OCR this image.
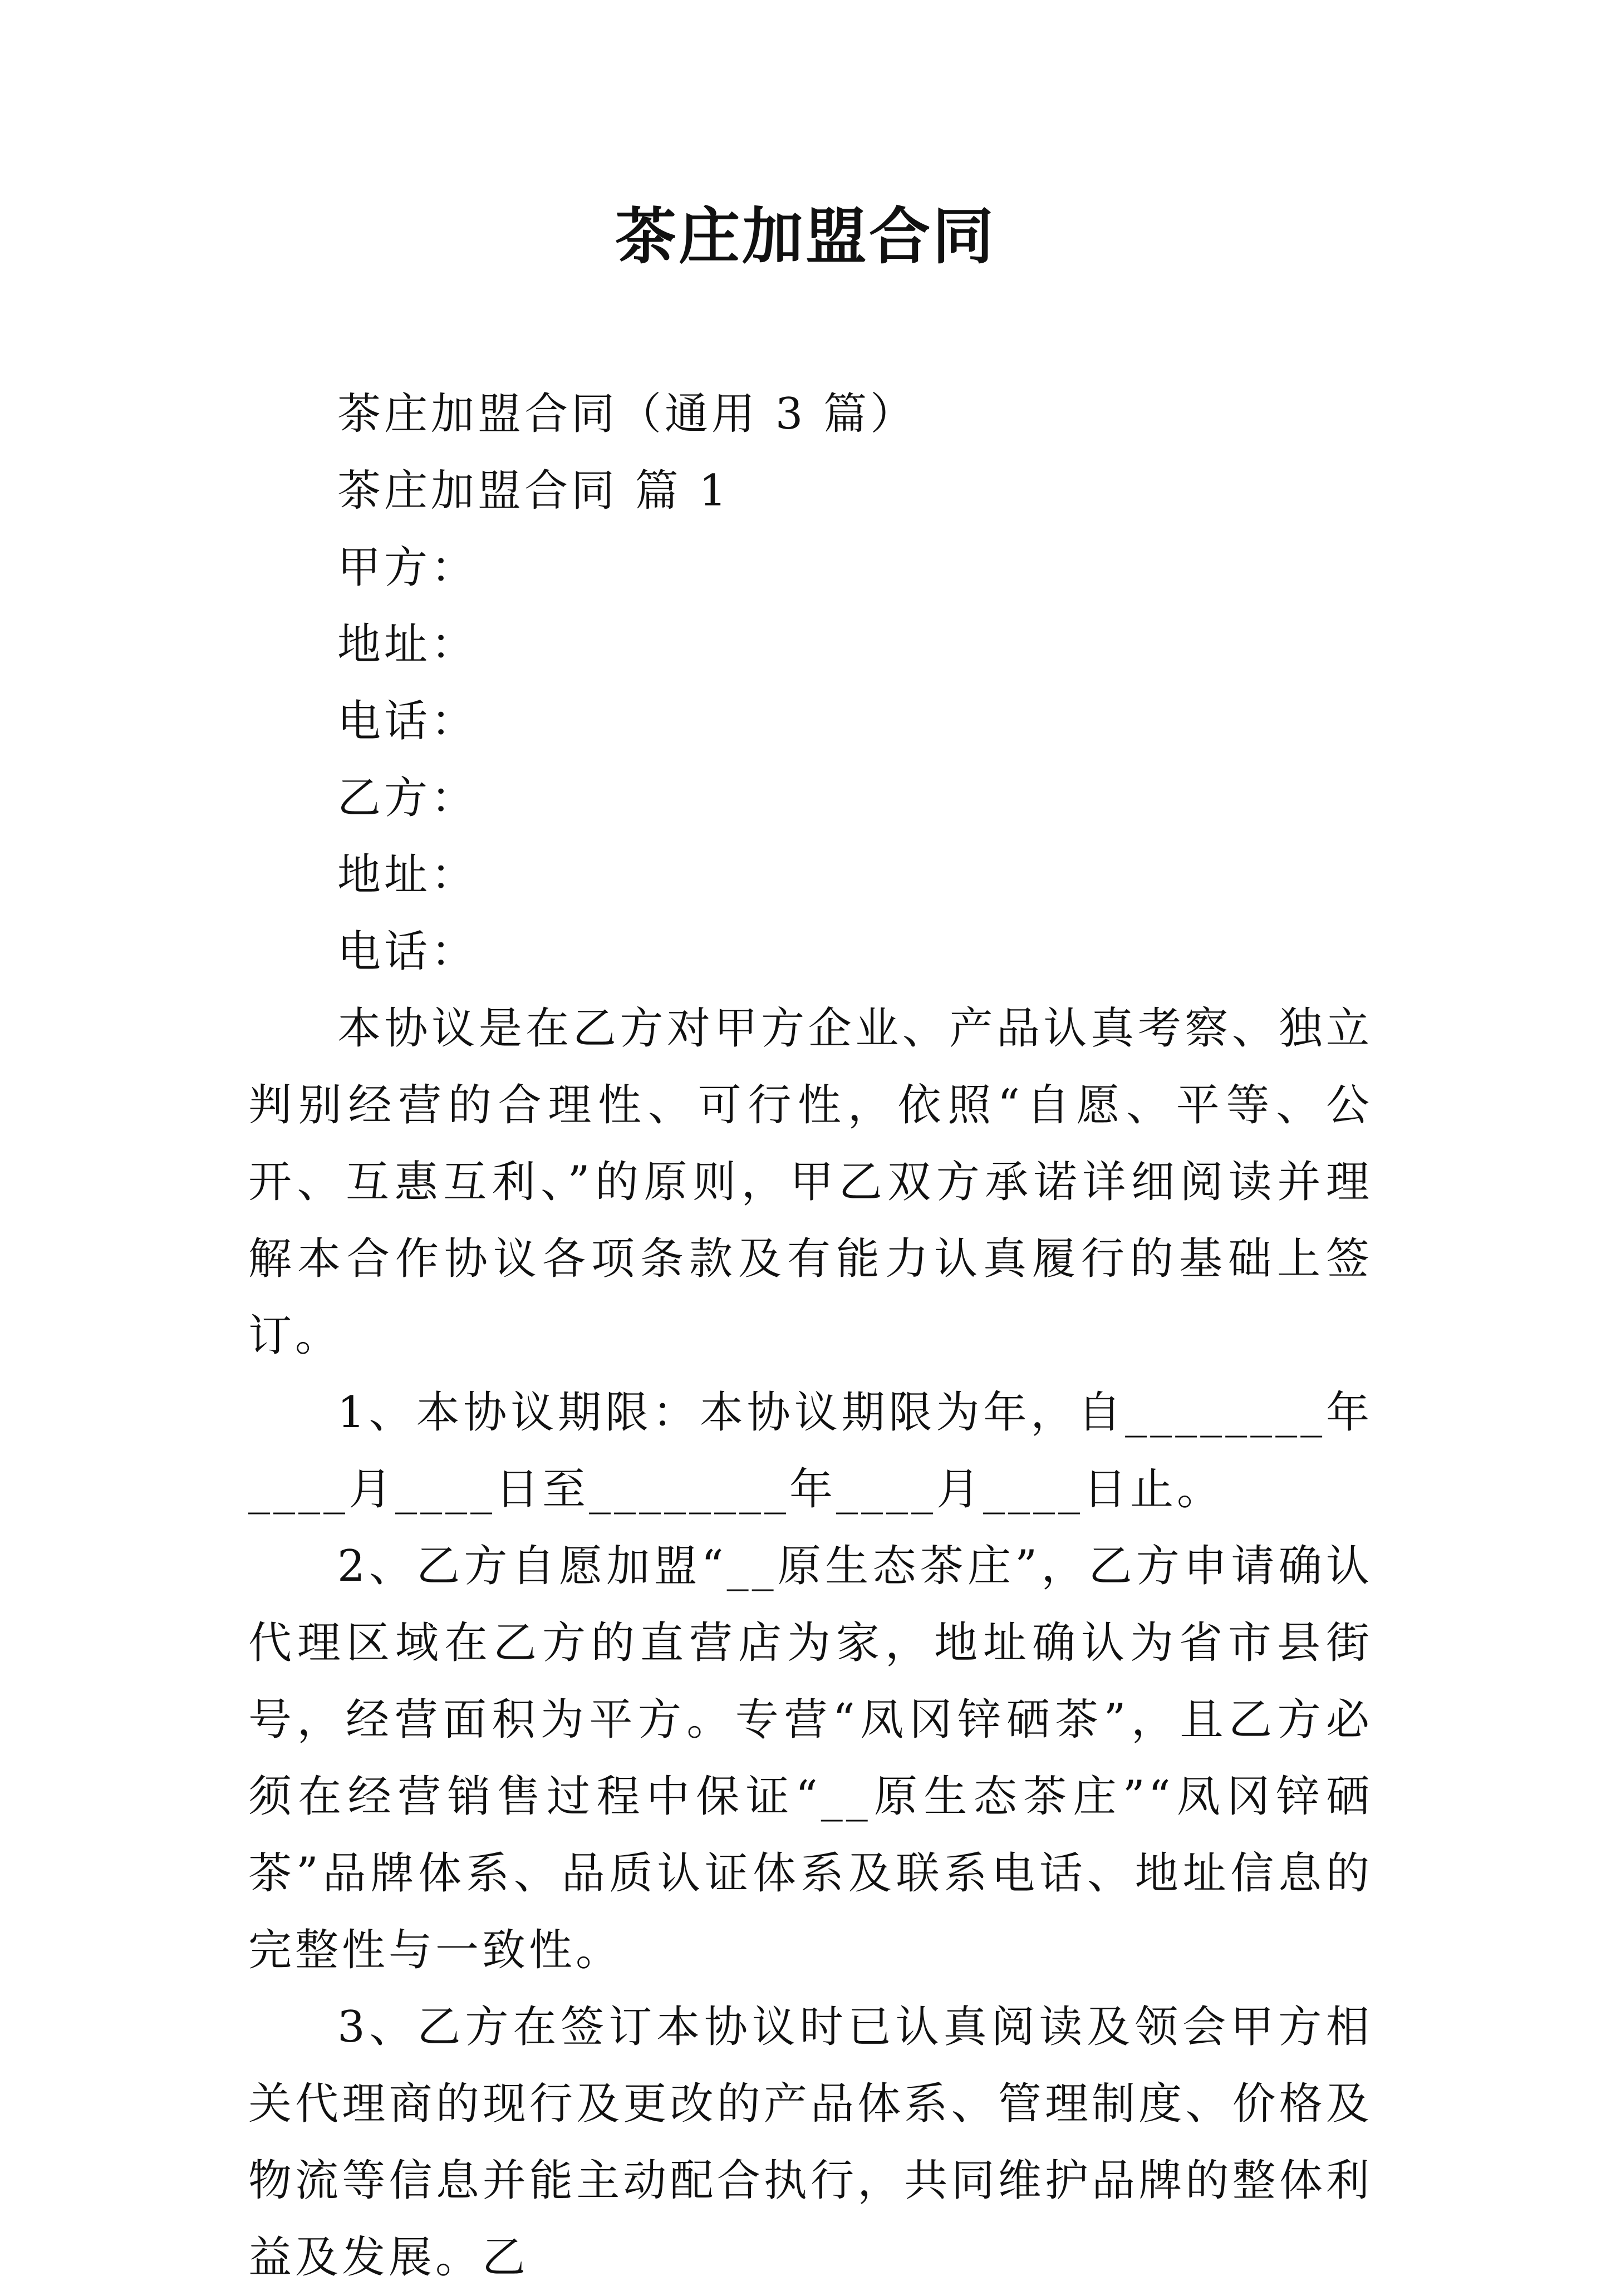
茶庄加盟合同
茶庄加盟合同（通用 3 篇）
茶庄加盟合同 篇 1
甲方：
地址：
电话：
乙方：
地址：
电话：

本协议是在乙方对甲方企业、产品认真考察、独立判别经营的合理性、可行性，依照“自愿、平等、公开、互惠互利、”的原则，甲乙双方承诺详细阅读并理解本合作协议各项条款及有能力认真履行的基础上签订。

1、本协议期限：本协议期限为年，自________年____月____日至________年____月____日止。

2、乙方自愿加盟“__原生态茶庄”，乙方申请确认代理区域在乙方的直营店为家，地址确认为省市县街号，经营面积为平方。专营“凤冈锌硒茶”，且乙方必须在经营销售过程中保证“__原生态茶庄”“凤冈锌硒茶”品牌体系、品质认证体系及联系电话、地址信息的完整性与一致性。

3、乙方在签订本协议时已认真阅读及领会甲方相关代理商的现行及更改的产品体系、管理制度、价格及物流等信息并能主动配合执行，共同维护品牌的整体利益及发展。乙
